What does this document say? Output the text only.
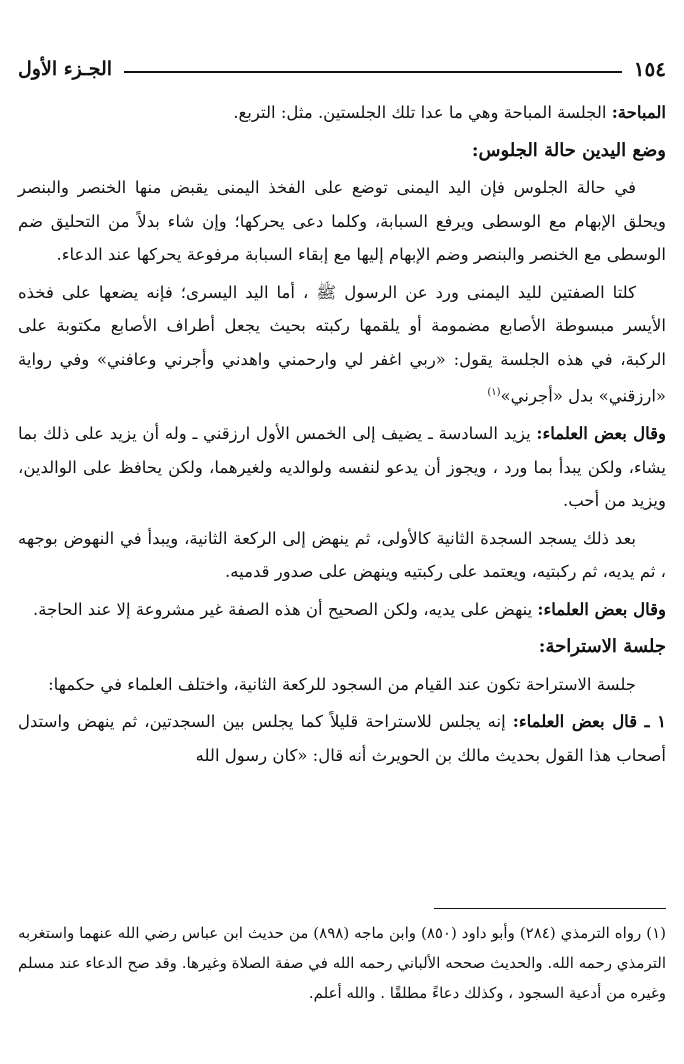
١٥٤
الجـزء الأول

المباحة: الجلسة المباحة وهي ما عدا تلك الجلستين. مثل: التربع.

وضع اليدين حالة الجلوس:

في حالة الجلوس فإن اليد اليمنى توضع على الفخذ اليمنى يقبض منها الخنصر والبنصر ويحلق الإبهام مع الوسطى ويرفع السبابة، وكلما دعى يحركها؛ وإن شاء بدلاً من التحليق ضم الوسطى مع الخنصر والبنصر وضم الإبهام إليها مع إبقاء السبابة مرفوعة يحركها عند الدعاء.

كلتا الصفتين لليد اليمنى ورد عن الرسول ﷺ ، أما اليد اليسرى؛ فإنه يضعها على فخذه الأيسر مبسوطة الأصابع مضمومة أو يلقمها ركبته بحيث يجعل أطراف الأصابع مكتوبة على الركبة، في هذه الجلسة يقول: «ربي اغفر لي وارحمني واهدني وأجرني وعافني» وفي رواية «ارزقني» بدل «أجرني»$^{(١)}$

وقال بعض العلماء: يزيد السادسة ـ يضيف إلى الخمس الأول ارزقني ـ وله أن يزيد على ذلك بما يشاء، ولكن يبدأ بما ورد ، ويجوز أن يدعو لنفسه ولوالديه ولغيرهما، ولكن يحافظ على الوالدين، ويزيد من أحب.

بعد ذلك يسجد السجدة الثانية كالأولى، ثم ينهض إلى الركعة الثانية، ويبدأ في النهوض بوجهه ، ثم يديه، ثم ركبتيه، ويعتمد على ركبتيه وينهض على صدور قدميه.

وقال بعض العلماء: ينهض على يديه، ولكن الصحيح أن هذه الصفة غير مشروعة إلا عند الحاجة.

جلسة الاستراحة:

جلسة الاستراحة تكون عند القيام من السجود للركعة الثانية، واختلف العلماء في حكمها:

١ ـ قال بعض العلماء: إنه يجلس للاستراحة قليلاً كما يجلس بين السجدتين، ثم ينهض واستدل أصحاب هذا القول بحديث مالك بن الحويرث أنه قال: «كان رسول الله

(١) رواه الترمذي (٢٨٤) وأبو داود (٨٥٠) وابن ماجه (٨٩٨) من حديث ابن عباس رضي الله عنهما واستغربه الترمذي رحمه الله. والحديث صححه الألباني رحمه الله في صفة الصلاة وغيرها. وقد صح الدعاء عند مسلم وغيره من أدعية السجود ، وكذلك دعاءً مطلقًا . والله أعلم.
